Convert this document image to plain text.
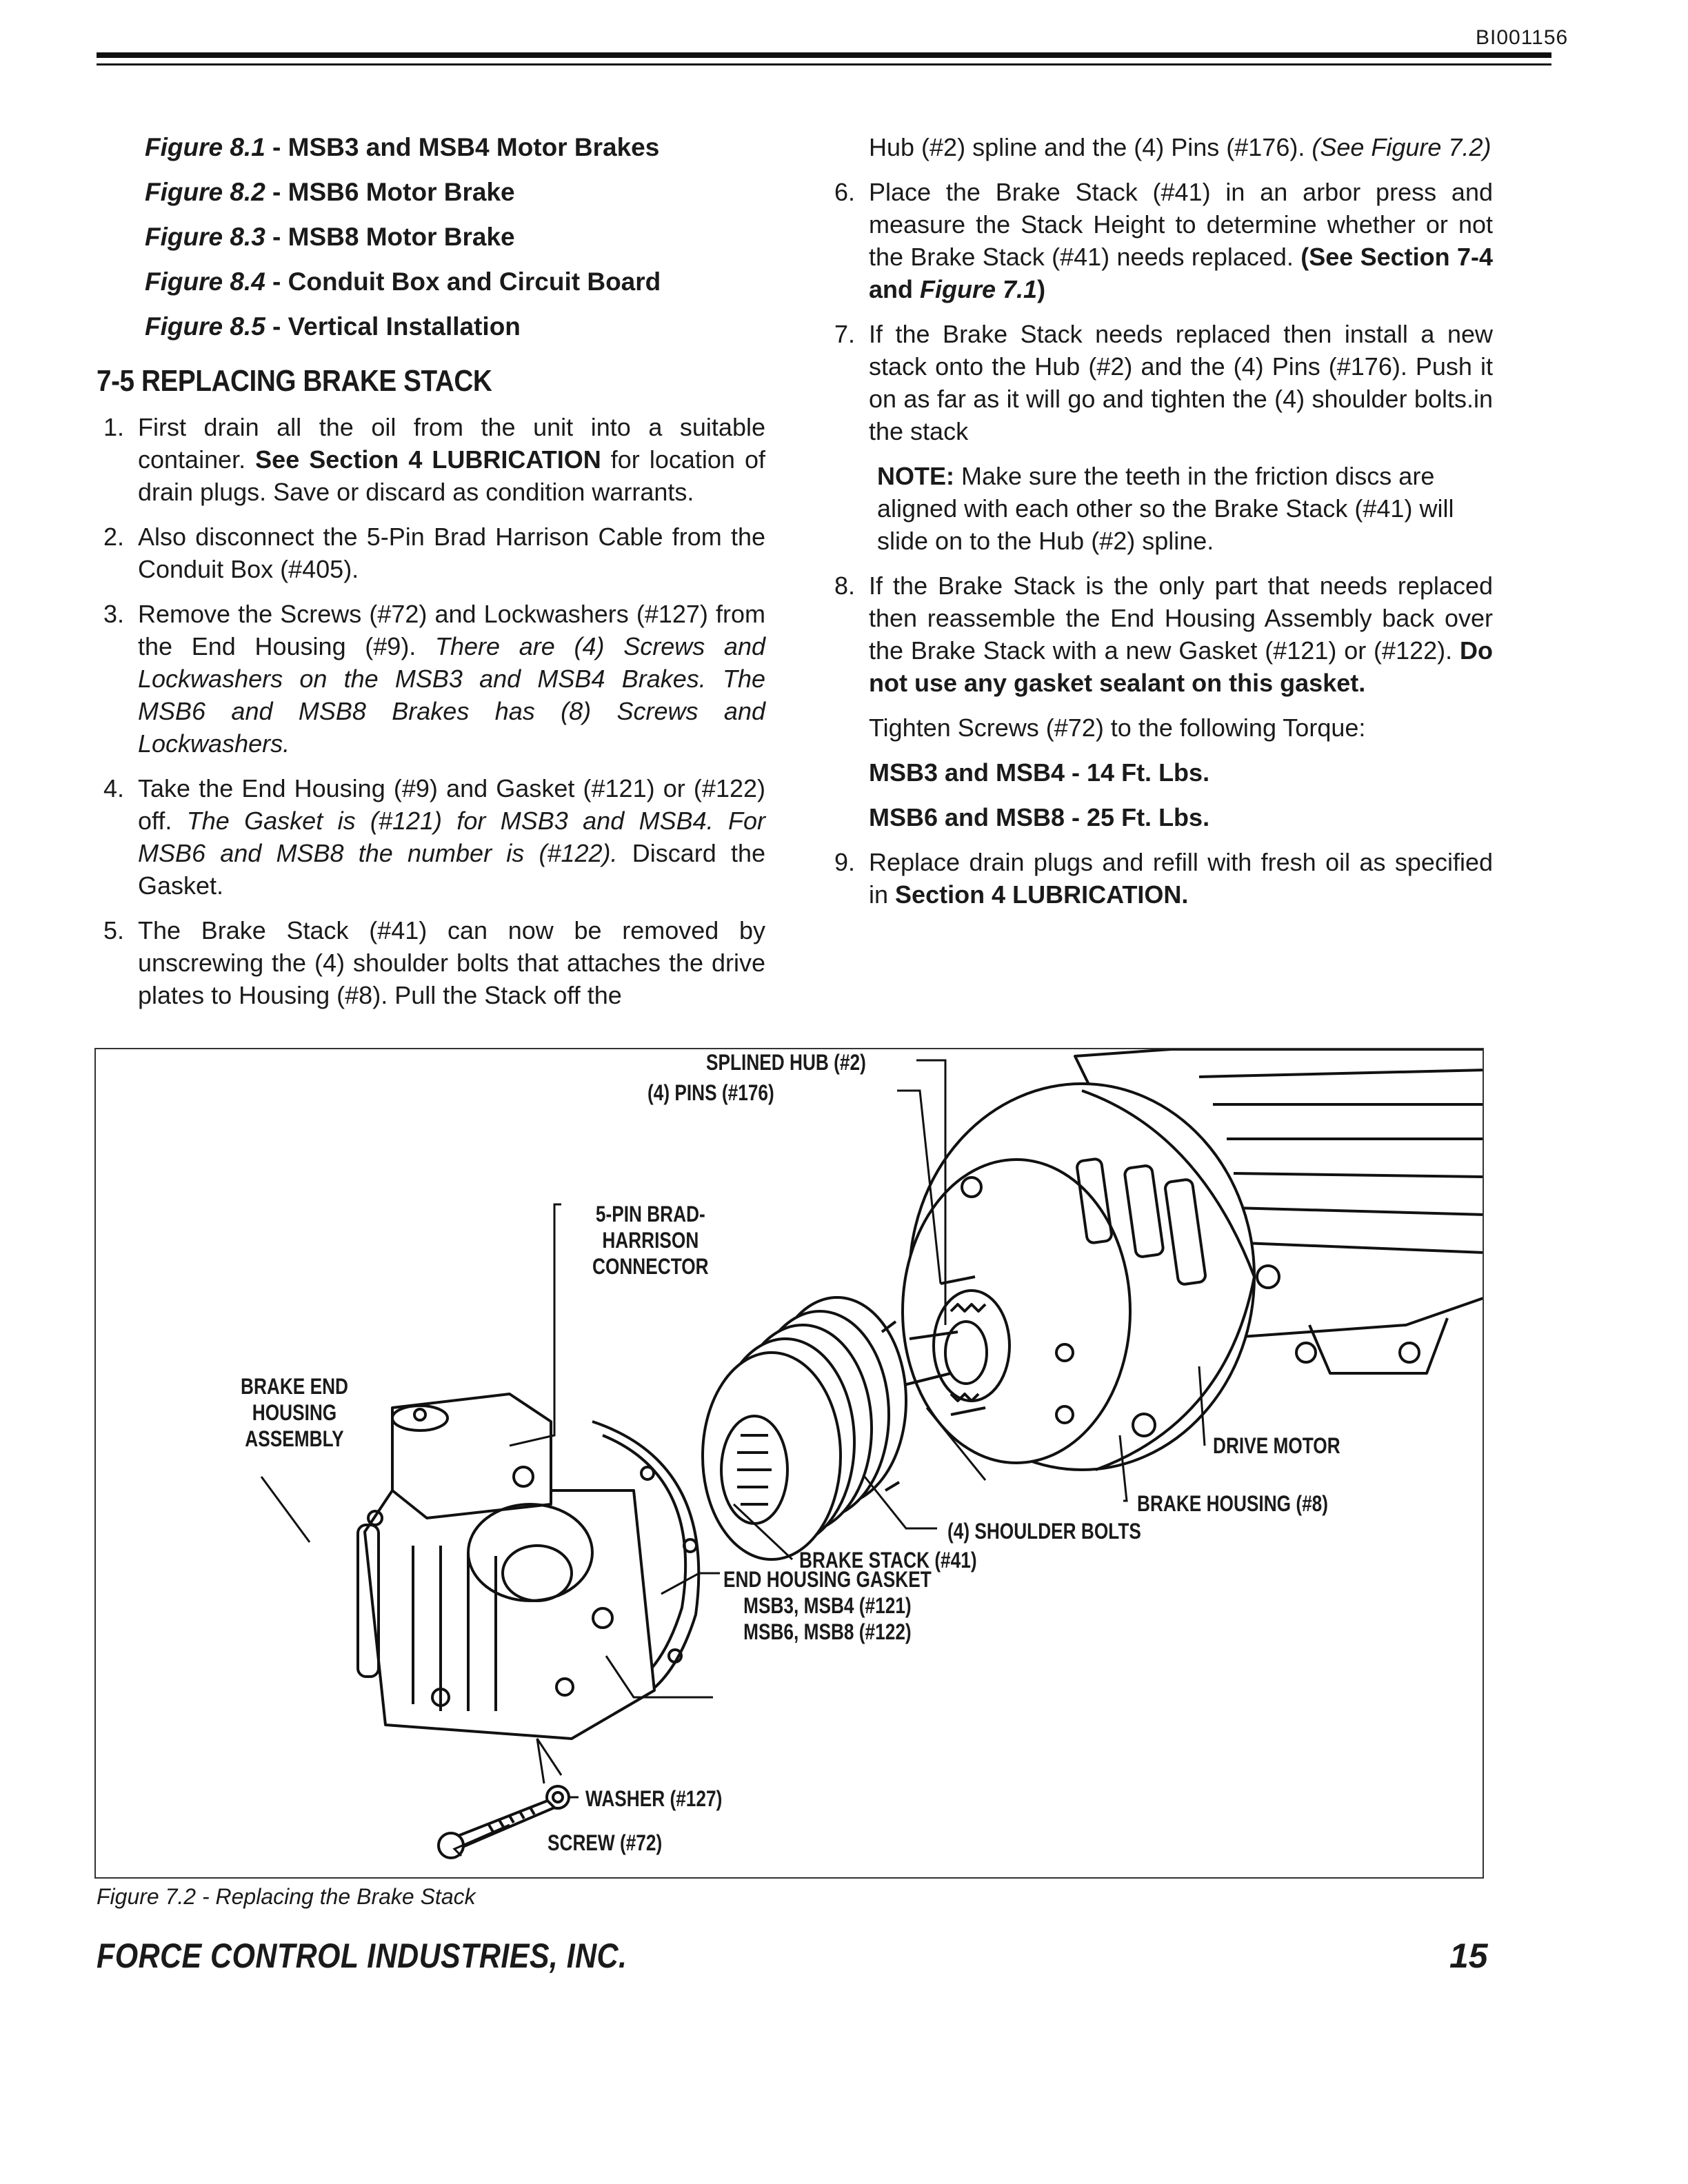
BI001156
Figure 8.1 - MSB3 and MSB4 Motor Brakes
Figure 8.2 - MSB6 Motor Brake
Figure 8.3 - MSB8 Motor Brake
Figure 8.4 - Conduit Box and Circuit Board
Figure 8.5 - Vertical Installation
7-5 REPLACING BRAKE STACK
1. First drain all the oil from the unit into a suitable container. See Section 4 LUBRICATION for location of drain plugs. Save or discard as condition warrants.
2. Also disconnect the 5-Pin Brad Harrison Cable from the Conduit Box (#405).
3. Remove the Screws (#72) and Lockwashers (#127) from the End Housing (#9). There are (4) Screws and Lockwashers on the MSB3 and MSB4 Brakes. The MSB6 and MSB8 Brakes has (8) Screws and Lockwashers.
4. Take the End Housing (#9) and Gasket (#121) or (#122) off. The Gasket is (#121) for MSB3 and MSB4. For MSB6 and MSB8 the number is (#122). Discard the Gasket.
5. The Brake Stack (#41) can now be removed by unscrewing the (4) shoulder bolts that attaches the drive plates to Housing (#8). Pull the Stack off the
Hub (#2) spline and the (4) Pins (#176). (See Figure 7.2)
6. Place the Brake Stack (#41) in an arbor press and measure the Stack Height to determine whether or not the Brake Stack (#41) needs replaced. (See Section 7-4 and Figure 7.1)
7. If the Brake Stack needs replaced then install a new stack onto the Hub (#2) and the (4) Pins (#176). Push it on as far as it will go and tighten the (4) shoulder bolts.in the stack
NOTE: Make sure the teeth in the friction discs are aligned with each other so the Brake Stack (#41) will slide on to the Hub (#2) spline.
8. If the Brake Stack is the only part that needs replaced then reassemble the End Housing Assembly back over the Brake Stack with a new Gasket (#121) or (#122). Do not use any gasket sealant on this gasket.
Tighten Screws (#72) to the following Torque:
MSB3 and MSB4 - 14 Ft. Lbs.
MSB6 and MSB8 - 25 Ft. Lbs.
9. Replace drain plugs and refill with fresh oil as specified in Section 4 LUBRICATION.
SPLINED HUB (#2)
(4) PINS (#176)
5-PIN BRAD-
HARRISON
CONNECTOR
BRAKE END
HOUSING
ASSEMBLY	DRIVE MOTOR
BRAKE HOUSING (#8)
(4) SHOULDER BOLTS
BRAKE STACK (#41)
END HOUSING GASKET
MSB3, MSB4 (#121)
MSB6, MSB8 (#122)
WASHER (#127)
SCREW (#72)
Figure 7.2 - Replacing the Brake Stack
FORCE CONTROL INDUSTRIES, INC.	15
